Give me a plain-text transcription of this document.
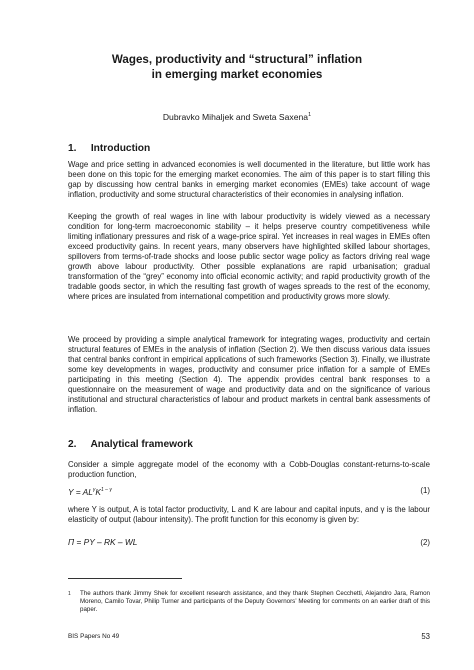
Wages, productivity and “structural” inflation
in emerging market economies
Dubravko Mihaljek and Sweta Saxena$^1$
1. Introduction

Wage and price setting in advanced economies is well documented in the literature, but little work has been done on this topic for the emerging market economies. The aim of this paper is to start filling this gap by discussing how central banks in emerging market economies (EMEs) take account of wage inflation, productivity and some structural characteristics of their economies in analysing inflation.

Keeping the growth of real wages in line with labour productivity is widely viewed as a necessary condition for long-term macroeconomic stability – it helps preserve country competitiveness while limiting inflationary pressures and risk of a wage-price spiral. Yet increases in real wages in EMEs often exceed productivity gains. In recent years, many observers have highlighted skilled labour shortages, spillovers from terms-of-trade shocks and loose public sector wage policy as factors driving real wage growth above labour productivity. Other possible explanations are rapid urbanisation; gradual transformation of the “grey” economy into official economic activity; and rapid productivity growth of the tradable goods sector, in which the resulting fast growth of wages spreads to the rest of the economy, where prices are insulated from international competition and productivity grows more slowly.

We proceed by providing a simple analytical framework for integrating wages, productivity and certain structural features of EMEs in the analysis of inflation (Section 2). We then discuss various data issues that central banks confront in empirical applications of such frameworks (Section 3). Finally, we illustrate some key developments in wages, productivity and consumer price inflation for a sample of EMEs participating in this meeting (Section 4). The appendix provides central bank responses to a questionnaire on the measurement of wage and productivity data and on the significance of various institutional and structural characteristics of labour and product markets in central bank assessments of inflation.

2. Analytical framework

Consider a simple aggregate model of the economy with a Cobb-Douglas constant-returns-to-scale production function,

$Y = AL^\gamma K^{1 - \gamma}$	(1)

where Y is output, A is total factor productivity, L and K are labour and capital inputs, and γ is the labour elasticity of output (labour intensity). The profit function for this economy is given by:

Π = PY – RK – WL	(2)
1 The authors thank Jimmy Shek for excellent research assistance, and they thank Stephen Cecchetti, Alejandro Jara, Ramon Moreno, Camilo Tovar, Philip Turner and participants of the Deputy Governors’ Meeting for comments on an earlier draft of this paper.
BIS Papers No 49	53
